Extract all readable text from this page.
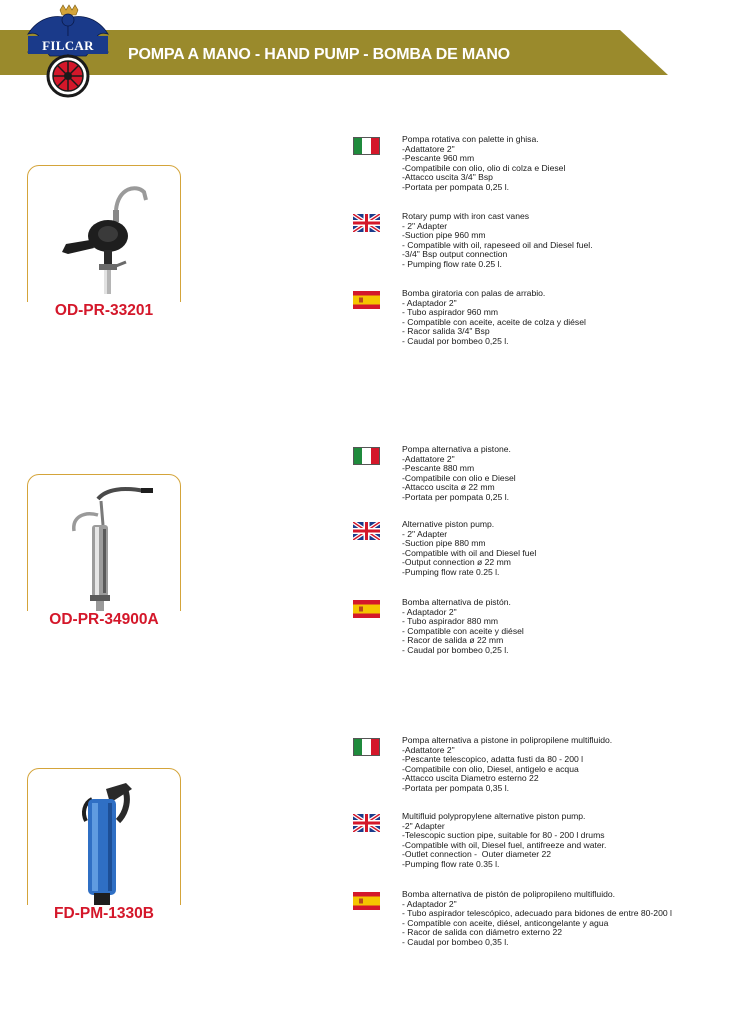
POMPA A MANO - HAND PUMP - BOMBA DE MANO
FILCAR
OD-PR-33201
OD-PR-34900A
FD-PM-1330B
Pompa rotativa con palette in ghisa.
-Adattatore 2"
-Pescante 960 mm
-Compatibile con olio, olio di colza e Diesel
-Attacco uscita 3/4" Bsp
-Portata per pompata 0,25 l.
Rotary pump with iron cast vanes
- 2" Adapter
-Suction pipe 960 mm
- Compatible with oil, rapeseed oil and Diesel fuel.
-3/4" Bsp output connection
- Pumping flow rate 0.25 l.
Bomba giratoria con palas de arrabio.
- Adaptador 2"
- Tubo aspirador 960 mm
- Compatible con aceite, aceite de colza y diésel
- Racor salida 3/4" Bsp
- Caudal por bombeo 0,25 l.
Pompa alternativa a pistone.
-Adattatore 2"
-Pescante 880 mm
-Compatibile con olio e Diesel
-Attacco uscita ø 22 mm
-Portata per pompata 0,25 l.
Alternative piston pump.
- 2" Adapter
-Suction pipe 880 mm
-Compatible with oil and Diesel fuel
-Output connection ø 22 mm
-Pumping flow rate 0.25 l.
Bomba alternativa de pistón.
- Adaptador 2"
- Tubo aspirador 880 mm
- Compatible con aceite y diésel
- Racor de salida ø 22 mm
- Caudal por bombeo 0,25 l.
Pompa alternativa a pistone in polipropilene multifluido.
-Adattatore 2"
-Pescante telescopico, adatta fusti da 80 - 200 l
-Compatibile con olio, Diesel, antigelo e acqua
-Attacco uscita Diametro esterno 22
-Portata per pompata 0,35 l.
Multifluid polypropylene alternative piston pump.
-2" Adapter
-Telescopic suction pipe, suitable for 80 - 200 l drums
-Compatible with oil, Diesel fuel, antifreeze and water.
-Outlet connection -  Outer diameter 22
-Pumping flow rate 0.35 l.
Bomba alternativa de pistón de polipropileno multifluido.
- Adaptador 2"
- Tubo aspirador telescópico, adecuado para bidones de entre 80-200 l
- Compatible con aceite, diésel, anticongelante y agua
- Racor de salida con diámetro externo 22
- Caudal por bombeo 0,35 l.
